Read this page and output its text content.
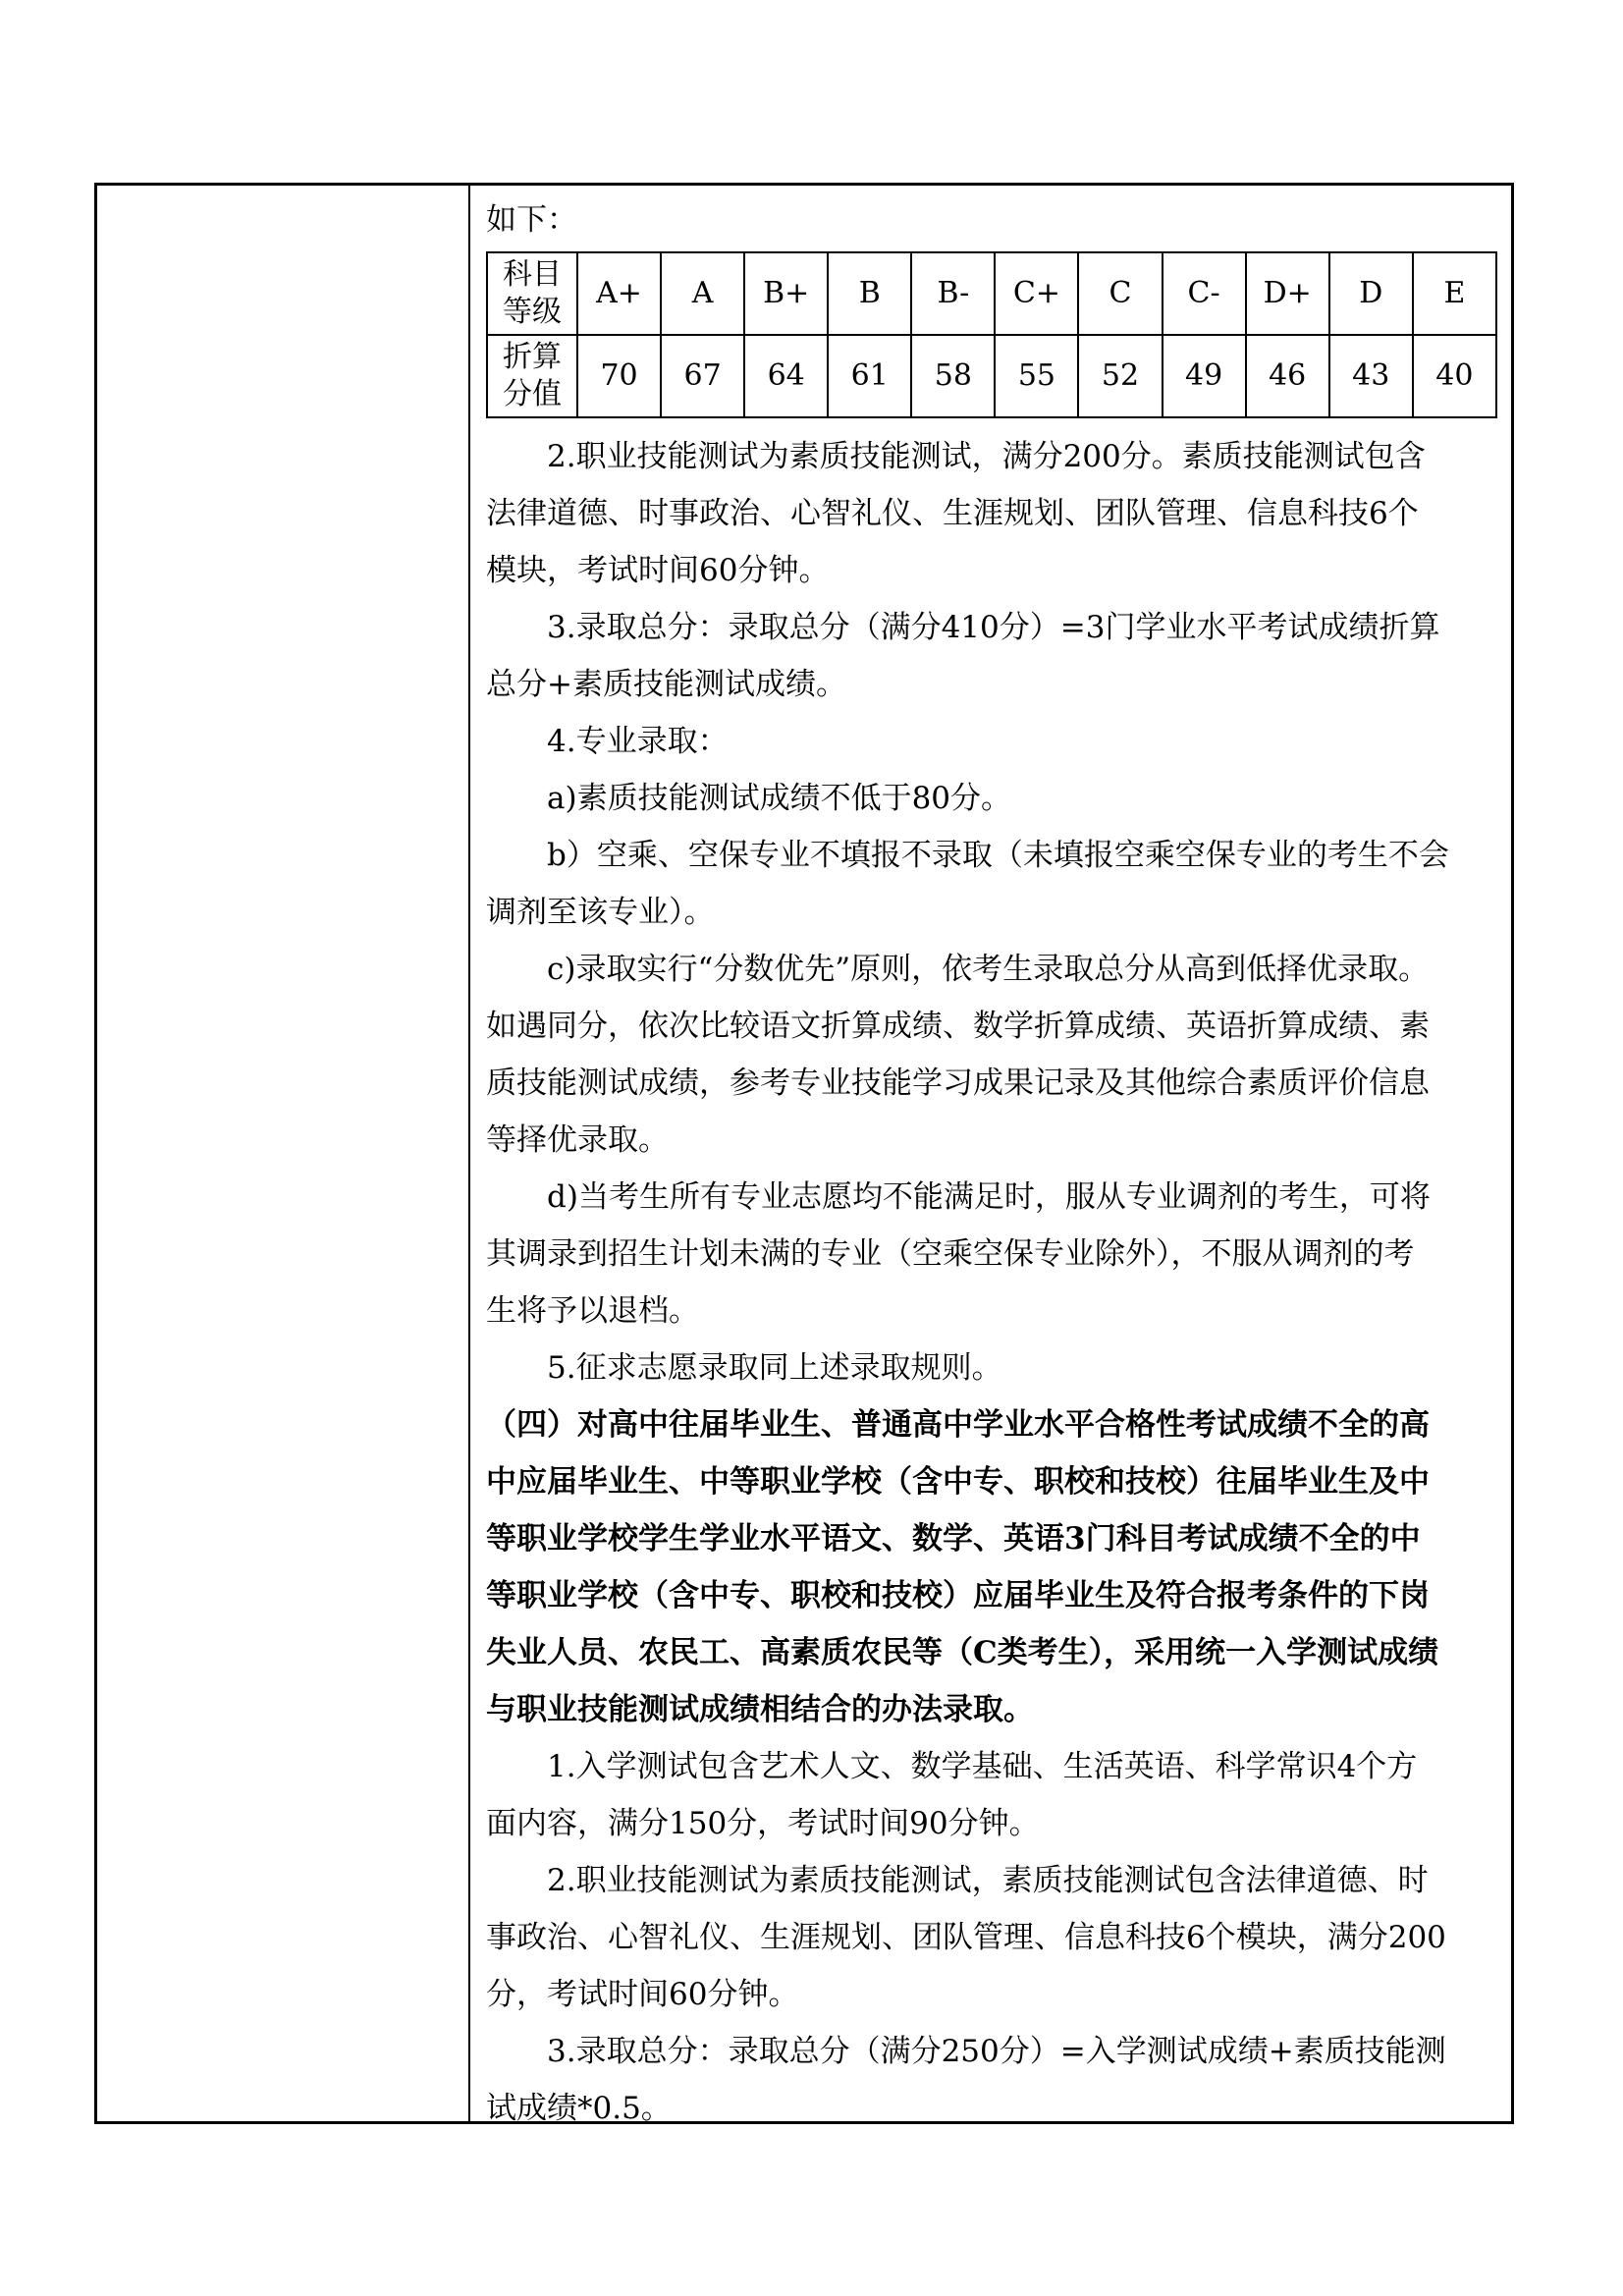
如下：
科目
等级	A+	A	B+	B	B-	C+	C	C-	D+	D	E
折算
分值	70	67	64	61	58	55	52	49	46	43	40
2.职业技能测试为素质技能测试，满分200分。素质技能测试包含
法律道德、时事政治、心智礼仪、生涯规划、团队管理、信息科技6个
模块，考试时间60分钟。
3.录取总分：录取总分（满分410分）=3门学业水平考试成绩折算
总分+素质技能测试成绩。
4.专业录取：
a)素质技能测试成绩不低于80分。
b）空乘、空保专业不填报不录取（未填报空乘空保专业的考生不会
调剂至该专业）。
c)录取实行“分数优先”原则，依考生录取总分从高到低择优录取。
如遇同分，依次比较语文折算成绩、数学折算成绩、英语折算成绩、素
质技能测试成绩，参考专业技能学习成果记录及其他综合素质评价信息
等择优录取。
d)当考生所有专业志愿均不能满足时，服从专业调剂的考生，可将
其调录到招生计划未满的专业（空乘空保专业除外），不服从调剂的考
生将予以退档。
5.征求志愿录取同上述录取规则。
（四）对高中往届毕业生、普通高中学业水平合格性考试成绩不全的高
中应届毕业生、中等职业学校（含中专、职校和技校）往届毕业生及中
等职业学校学生学业水平语文、数学、英语3门科目考试成绩不全的中
等职业学校（含中专、职校和技校）应届毕业生及符合报考条件的下岗
失业人员、农民工、高素质农民等（C类考生），采用统一入学测试成绩
与职业技能测试成绩相结合的办法录取。
1.入学测试包含艺术人文、数学基础、生活英语、科学常识4个方
面内容，满分150分，考试时间90分钟。
2.职业技能测试为素质技能测试，素质技能测试包含法律道德、时
事政治、心智礼仪、生涯规划、团队管理、信息科技6个模块，满分200
分，考试时间60分钟。
3.录取总分：录取总分（满分250分）=入学测试成绩+素质技能测
试成绩*0.5。
